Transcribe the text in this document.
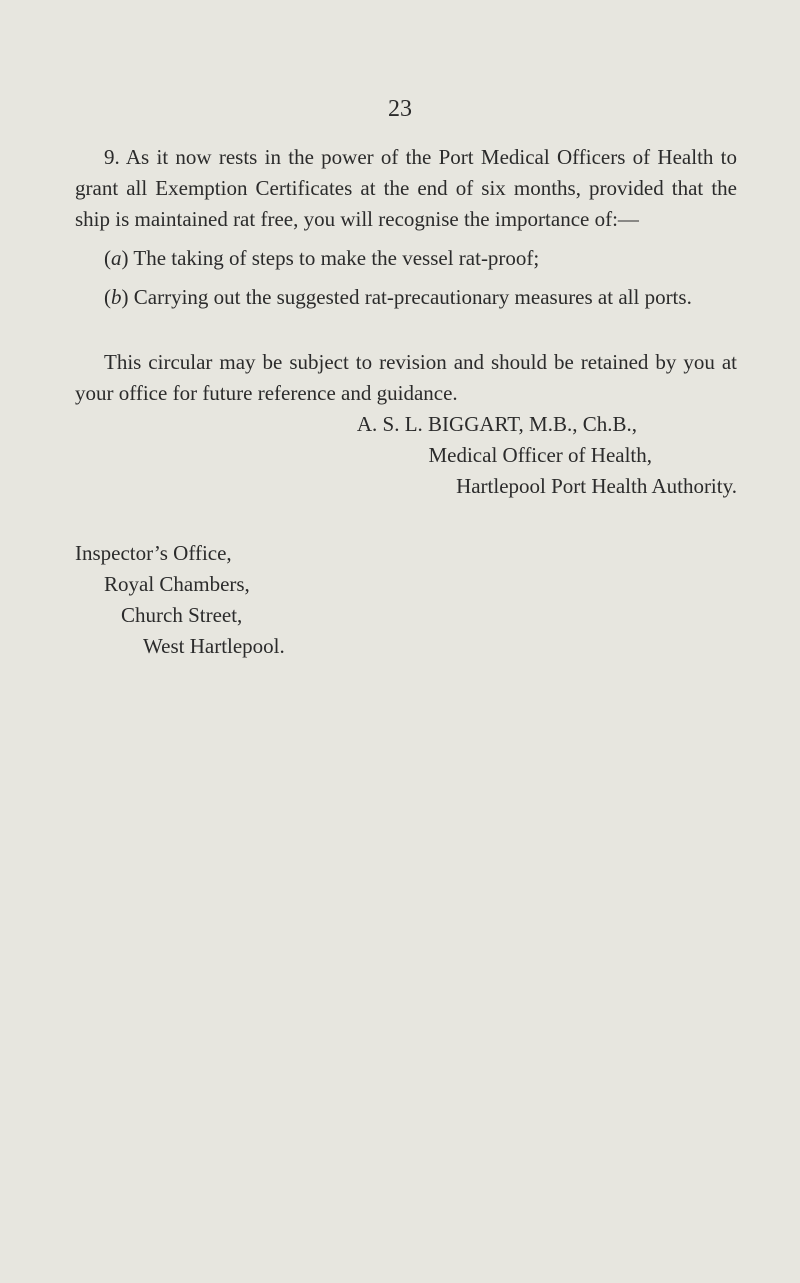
23

9. As it now rests in the power of the Port Medical Officers of Health to grant all Exemption Certificates at the end of six months, provided that the ship is maintained rat free, you will recognise the importance of:—

(a) The taking of steps to make the vessel rat-proof;

(b) Carrying out the suggested rat-precautionary measures at all ports.

This circular may be subject to revision and should be retained by you at your office for future reference and guidance.

A. S. L. BIGGART, M.B., Ch.B.,
Medical Officer of Health,
Hartlepool Port Health Authority.
Inspector’s Office,
Royal Chambers,
Church Street,
West Hartlepool.
